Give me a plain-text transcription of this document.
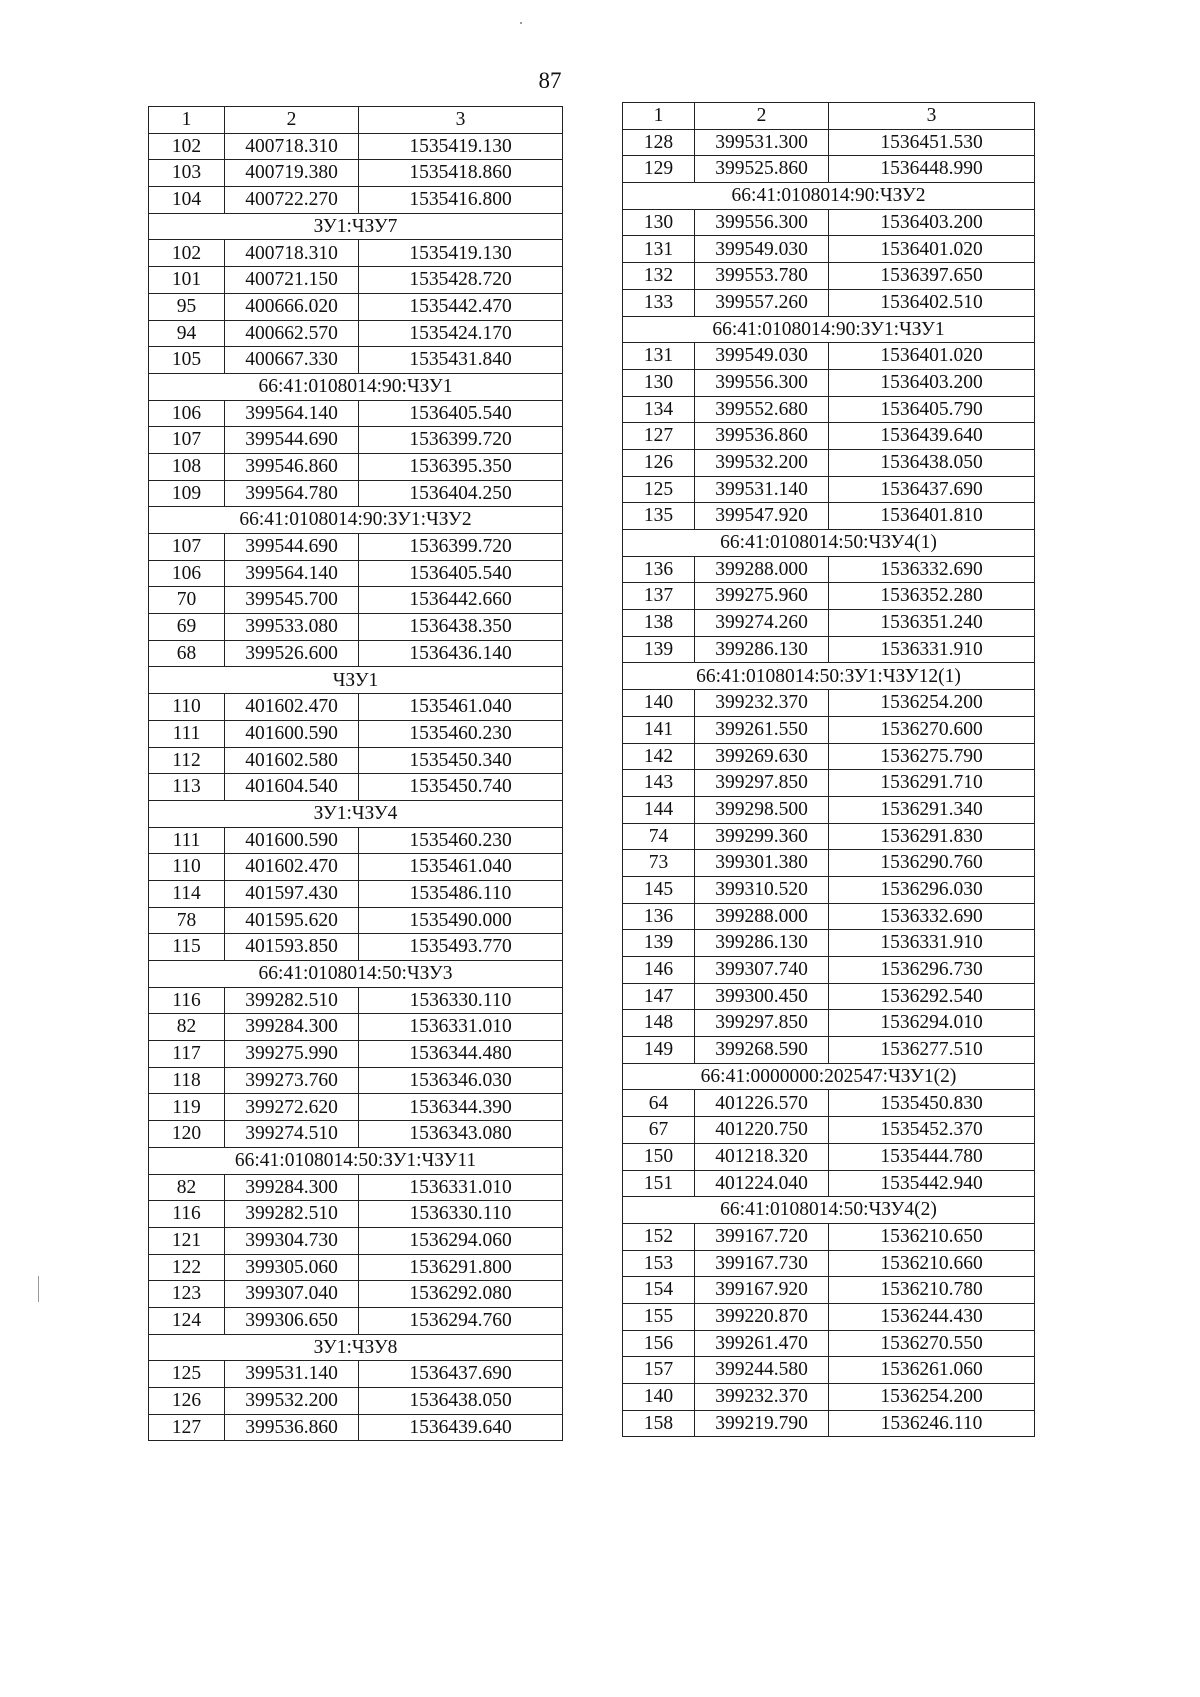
87
1	2	3
102	400718.310	1535419.130
103	400719.380	1535418.860
104	400722.270	1535416.800
ЗУ1:ЧЗУ7		
102	400718.310	1535419.130
101	400721.150	1535428.720
95	400666.020	1535442.470
94	400662.570	1535424.170
105	400667.330	1535431.840
66:41:0108014:90:ЧЗУ1		
106	399564.140	1536405.540
107	399544.690	1536399.720
108	399546.860	1536395.350
109	399564.780	1536404.250
66:41:0108014:90:ЗУ1:ЧЗУ2		
107	399544.690	1536399.720
106	399564.140	1536405.540
70	399545.700	1536442.660
69	399533.080	1536438.350
68	399526.600	1536436.140
ЧЗУ1		
110	401602.470	1535461.040
111	401600.590	1535460.230
112	401602.580	1535450.340
113	401604.540	1535450.740
ЗУ1:ЧЗУ4		
111	401600.590	1535460.230
110	401602.470	1535461.040
114	401597.430	1535486.110
78	401595.620	1535490.000
115	401593.850	1535493.770
66:41:0108014:50:ЧЗУ3		
116	399282.510	1536330.110
82	399284.300	1536331.010
117	399275.990	1536344.480
118	399273.760	1536346.030
119	399272.620	1536344.390
120	399274.510	1536343.080
66:41:0108014:50:ЗУ1:ЧЗУ11		
82	399284.300	1536331.010
116	399282.510	1536330.110
121	399304.730	1536294.060
122	399305.060	1536291.800
123	399307.040	1536292.080
124	399306.650	1536294.760
ЗУ1:ЧЗУ8		
125	399531.140	1536437.690
126	399532.200	1536438.050
127	399536.860	1536439.640
1	2	3
128	399531.300	1536451.530
129	399525.860	1536448.990
66:41:0108014:90:ЧЗУ2		
130	399556.300	1536403.200
131	399549.030	1536401.020
132	399553.780	1536397.650
133	399557.260	1536402.510
66:41:0108014:90:ЗУ1:ЧЗУ1		
131	399549.030	1536401.020
130	399556.300	1536403.200
134	399552.680	1536405.790
127	399536.860	1536439.640
126	399532.200	1536438.050
125	399531.140	1536437.690
135	399547.920	1536401.810
66:41:0108014:50:ЧЗУ4(1)		
136	399288.000	1536332.690
137	399275.960	1536352.280
138	399274.260	1536351.240
139	399286.130	1536331.910
66:41:0108014:50:ЗУ1:ЧЗУ12(1)		
140	399232.370	1536254.200
141	399261.550	1536270.600
142	399269.630	1536275.790
143	399297.850	1536291.710
144	399298.500	1536291.340
74	399299.360	1536291.830
73	399301.380	1536290.760
145	399310.520	1536296.030
136	399288.000	1536332.690
139	399286.130	1536331.910
146	399307.740	1536296.730
147	399300.450	1536292.540
148	399297.850	1536294.010
149	399268.590	1536277.510
66:41:0000000:202547:ЧЗУ1(2)		
64	401226.570	1535450.830
67	401220.750	1535452.370
150	401218.320	1535444.780
151	401224.040	1535442.940
66:41:0108014:50:ЧЗУ4(2)		
152	399167.720	1536210.650
153	399167.730	1536210.660
154	399167.920	1536210.780
155	399220.870	1536244.430
156	399261.470	1536270.550
157	399244.580	1536261.060
140	399232.370	1536254.200
158	399219.790	1536246.110
